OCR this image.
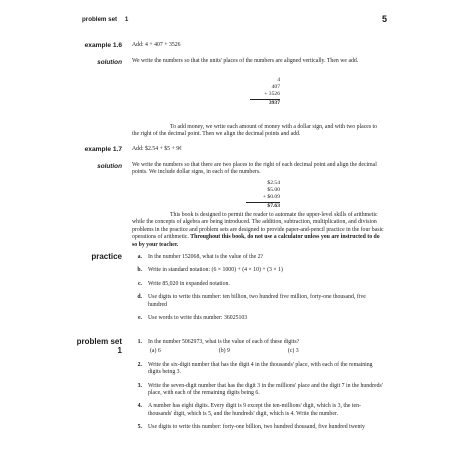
problem set 1	5
example 1.6 Add: 4 + 407 + 3526
solution We write the numbers so that the units' places of the numbers are aligned vertically. Then we add.
4
407
+ 3526
3937
To add money, we write each amount of money with a dollar sign, and with two places to the right of the decimal point. Then we align the decimal points and add.
example 1.7 Add: $2.54 + $5 + 9¢
solution We write the numbers so that there are two places to the right of each decimal point and align the decimal points. We include dollar signs, in each of the numbers.
$2.54
$5.00
+ $0.09
$7.63
This book is designed to permit the reader to automate the upper-level skills of arithmetic while the concepts of algebra are being introduced. The addition, subtraction, multiplication, and division problems in the practice and problem sets are designed to provide paper-and-pencil practice in the four basic operations of arithmetic. Throughout this book, do not use a calculator unless you are instructed to do so by your teacher.
practice	a. In the number 152068, what is the value of the 2?
b. Write in standard notation: (6 × 1000) + (4 × 10) + (3 × 1)
c. Write 85,020 in expanded notation.
d. Use digits to write this number: ten billion, two hundred five million, forty-one thousand, five hundred
e. Use words to write this number: 36025103
problem set
1
1. In the number 5062973, what is the value of each of these digits?
(a) 6	(b) 9	(c) 3
2. Write the six-digit number that has the digit 4 in the thousands' place, with each of the remaining digits being 3.
3. Write the seven-digit number that has the digit 3 in the millions' place and the digit 7 in the hundreds' place, with each of the remaining digits being 6.
4. A number has eight digits. Every digit is 9 except the ten-millions' digit, which is 3, the ten-thousands' digit, which is 5, and the hundreds' digit, which is 4. Write the number.
5. Use digits to write this number: forty-one billion, two hundred thousand, five hundred twenty
